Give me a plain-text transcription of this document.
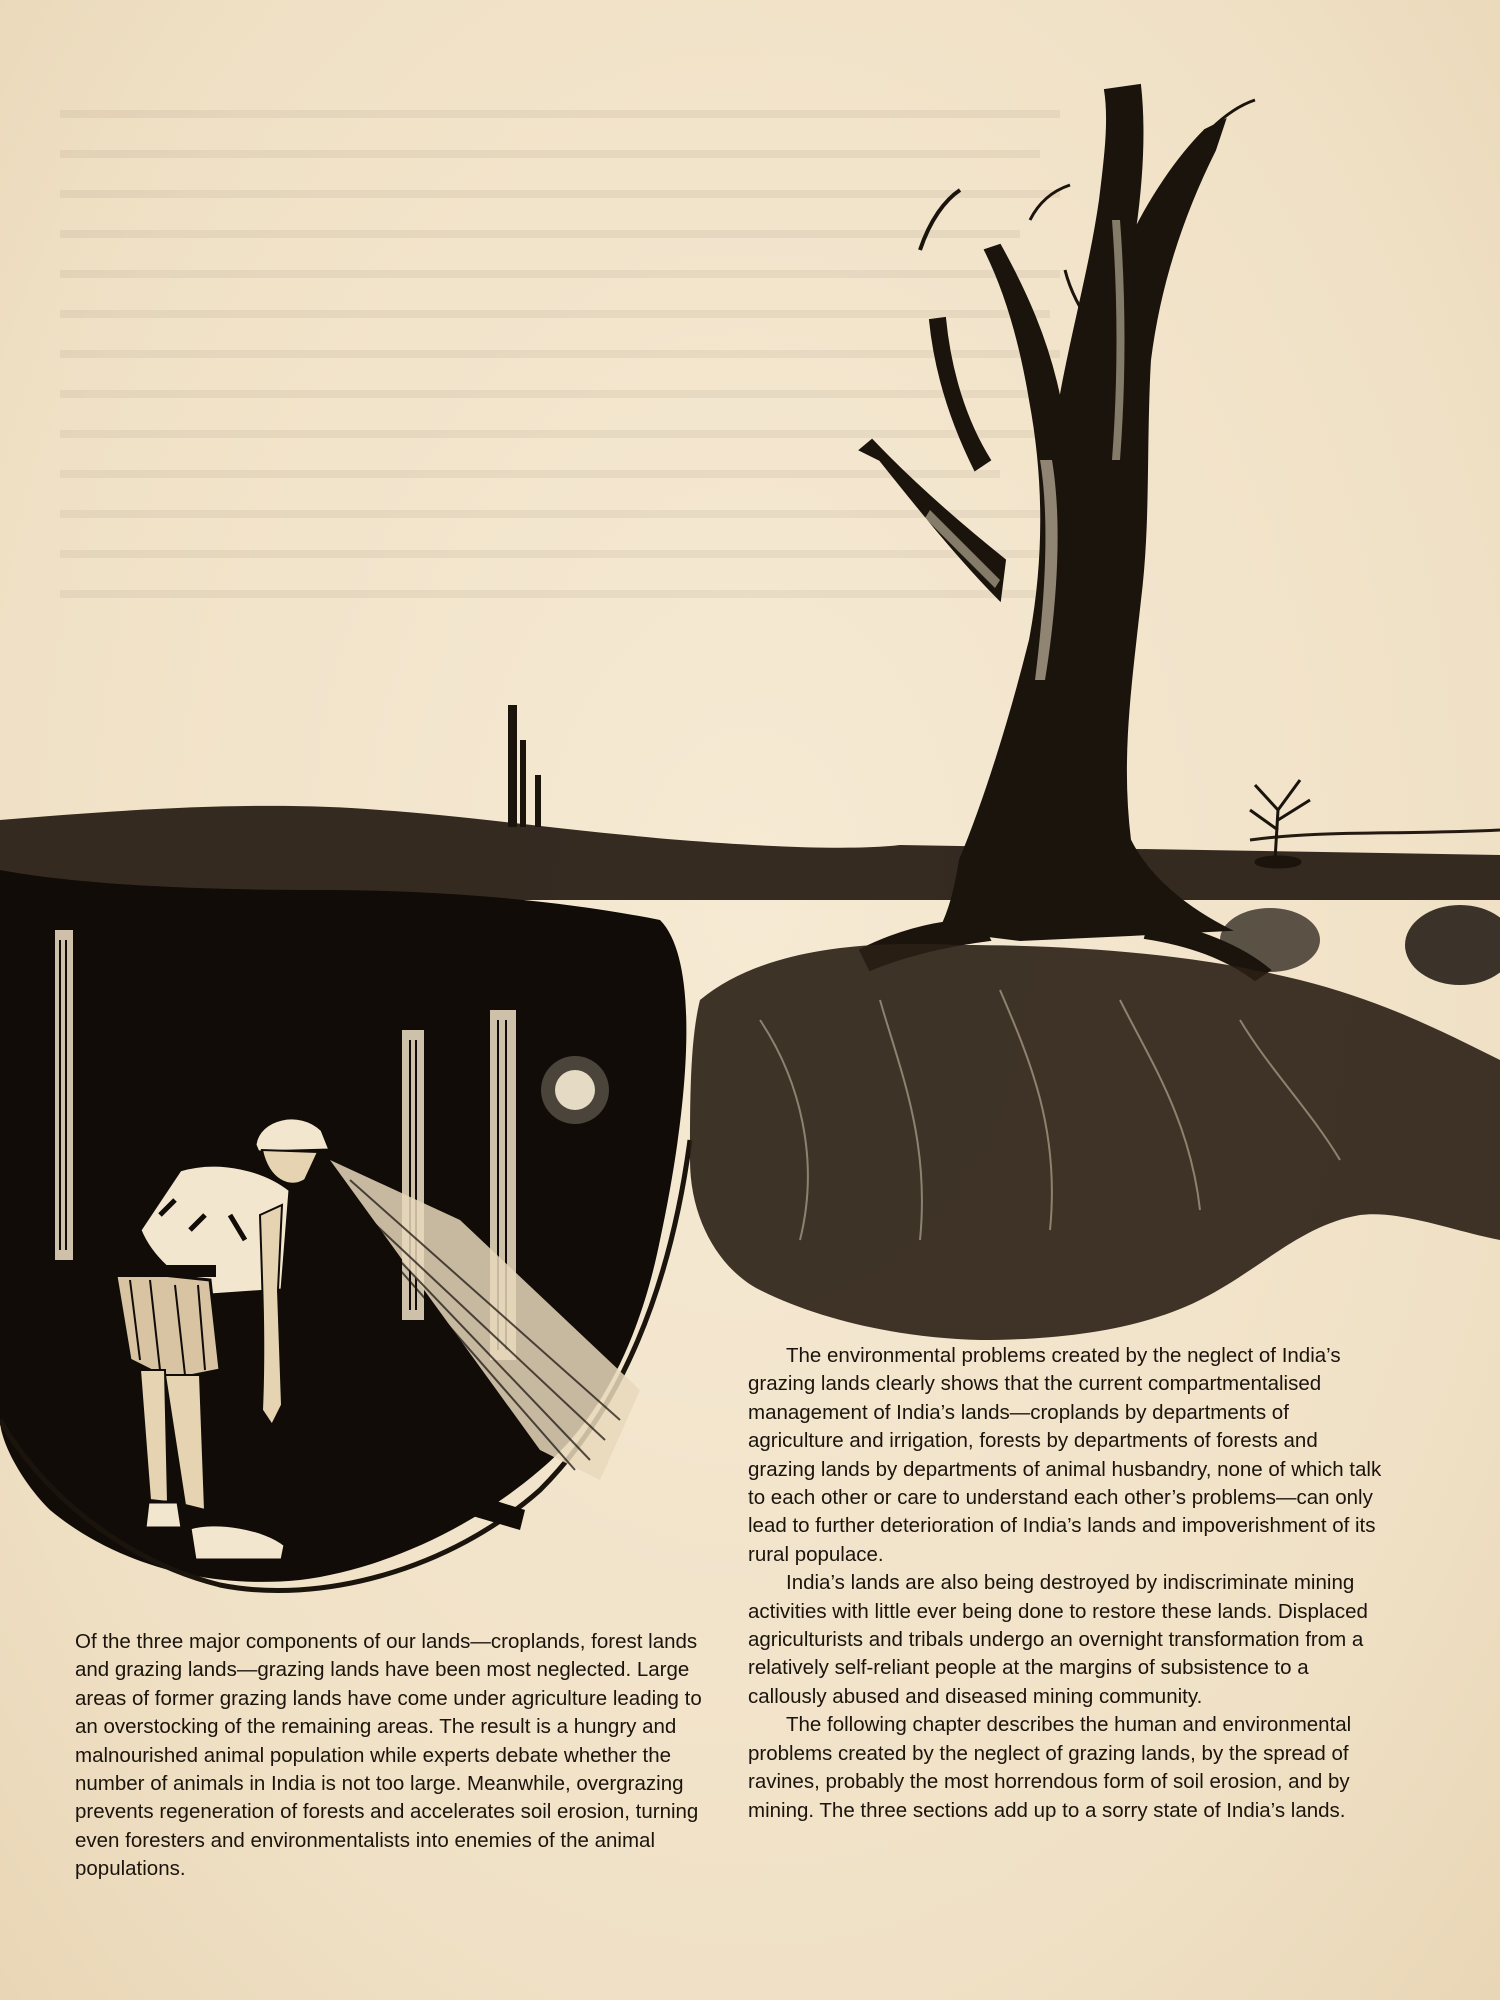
Of the three major components of our lands—croplands, forest lands and grazing lands—grazing lands have been most neglected. Large areas of former grazing lands have come under agriculture leading to an overstocking of the remaining areas. The result is a hungry and malnourished animal population while experts debate whether the number of animals in India is not too large. Meanwhile, overgrazing prevents regeneration of forests and accelerates soil erosion, turning even foresters and environmentalists into enemies of the animal populations.

The environmental problems created by the neglect of India’s grazing lands clearly shows that the current compartmentalised management of India’s lands—croplands by departments of agriculture and irrigation, forests by departments of forests and grazing lands by departments of animal husbandry, none of which talk to each other or care to understand each other’s problems—can only lead to further deterioration of India’s lands and impoverishment of its rural populace.

India’s lands are also being destroyed by indiscriminate mining activities with little ever being done to restore these lands. Displaced agriculturists and tribals undergo an overnight transformation from a relatively self-reliant people at the margins of subsistence to a callously abused and diseased mining community.

The following chapter describes the human and environmental problems created by the neglect of grazing lands, by the spread of ravines, probably the most horrendous form of soil erosion, and by mining. The three sections add up to a sorry state of India’s lands.
